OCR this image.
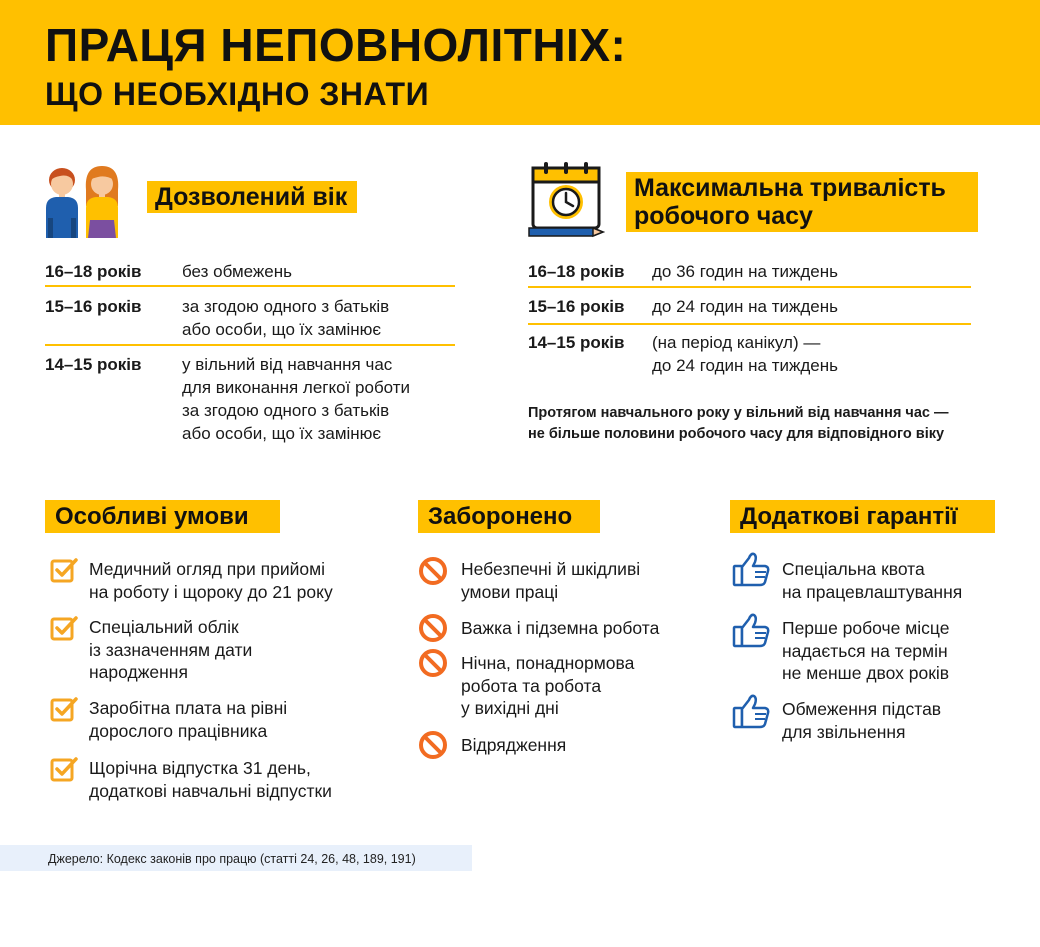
ПРАЦЯ НЕПОВНОЛІТНІХ:
ЩО НЕОБХІДНО ЗНАТИ
Дозволений вік
16–18 років без обмежень
15–16 років за згодою одного з батьків
або особи, що їх замінює
14–15 років у вільний від навчання час
для виконання легкої роботи
за згодою одного з батьків
або особи, що їх замінює
Максимальна тривалість
робочого часу
16–18 років до 36 годин на тиждень
15–16 років до 24 годин на тиждень
14–15 років (на період канікул) —
до 24 годин на тиждень
Протягом навчального року у вільний від навчання час —
не більше половини робочого часу для відповідного віку
Особливі умови
Медичний огляд при прийомі
на роботу і щороку до 21 року
Спеціальний облік
із зазначенням дати
народження
Заробітна плата на рівні
дорослого працівника
Щорічна відпустка 31 день,
додаткові навчальні відпустки
Заборонено
Небезпечні й шкідливі
умови праці
Важка і підземна робота
Нічна, понаднормова
робота та робота
у вихідні дні
Відрядження
Додаткові гарантії
Спеціальна квота
на працевлаштування
Перше робоче місце
надається на термін
не менше двох років
Обмеження підстав
для звільнення
Джерело: Кодекс законів про працю (статті 24, 26, 48, 189, 191)
